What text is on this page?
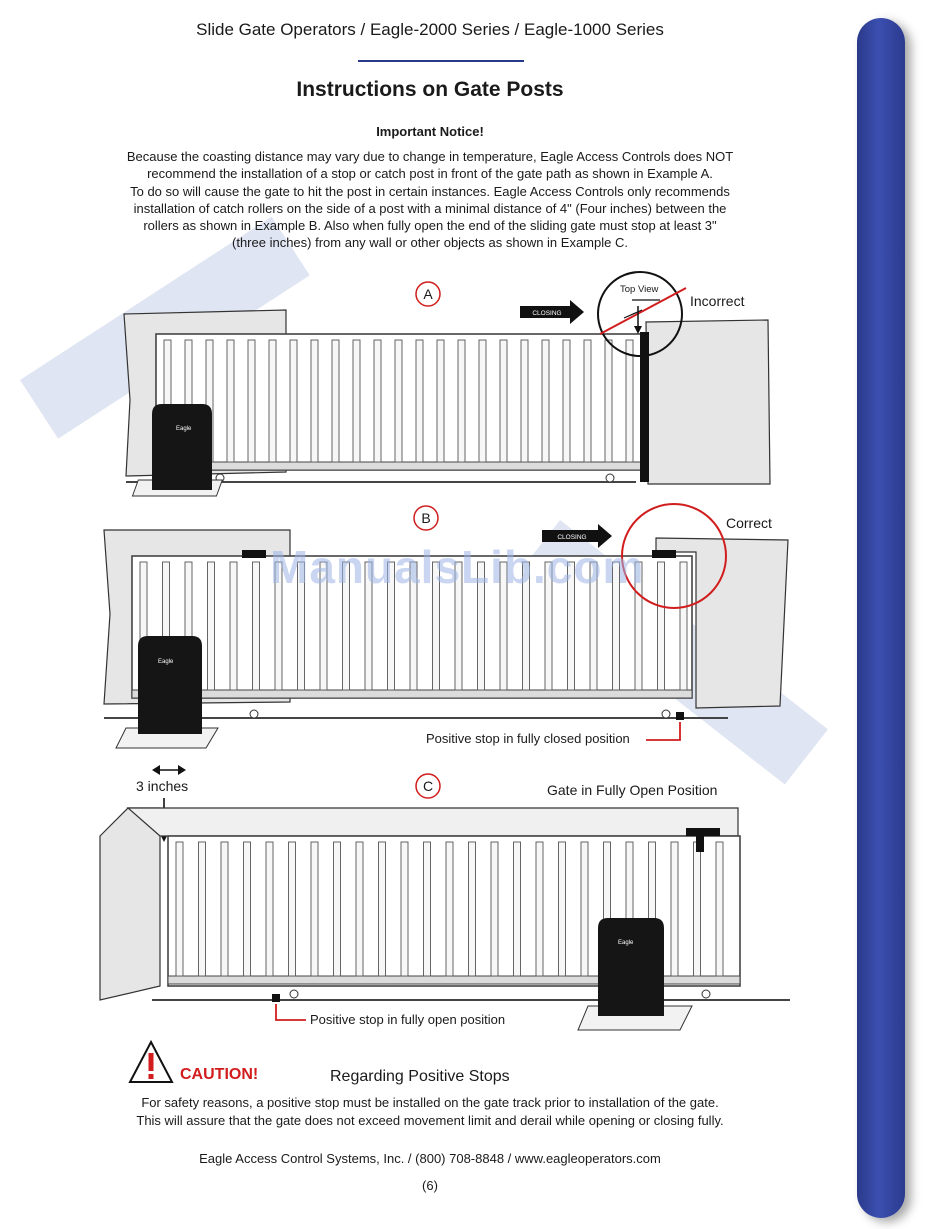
Slide Gate Operators / Eagle-2000 Series / Eagle-1000 Series
Instructions on Gate Posts
Important Notice!

Because the coasting distance may vary due to change in temperature, Eagle Access Controls does NOT

recommend the installation of a stop or catch post in front of the gate path as shown in Example A.

To do so will cause the gate to hit the post in certain instances. Eagle Access Controls only recommends

installation of catch rollers on the side of a post with a minimal distance of 4" (Four inches) between the

rollers as shown in Example B. Also when fully open the end of the sliding gate must stop at least 3"

(three inches) from any wall or other objects as shown in Example C.

A
Eagle
CLOSING
Top View
Incorrect
B
Eagle
CLOSING
Correct
Positive stop in fully closed position
C
3 inches
Eagle
Gate in Fully Open Position
Positive stop in fully open position
ManualsLib.com
CAUTION!	Regarding Positive Stops

For safety reasons, a positive stop must be installed on the gate track prior to installation of the gate.

This will assure that the gate does not exceed movement limit and derail while opening or closing fully.

Eagle Access Control Systems, Inc. / (800) 708-8848 / www.eagleoperators.com
(6)
